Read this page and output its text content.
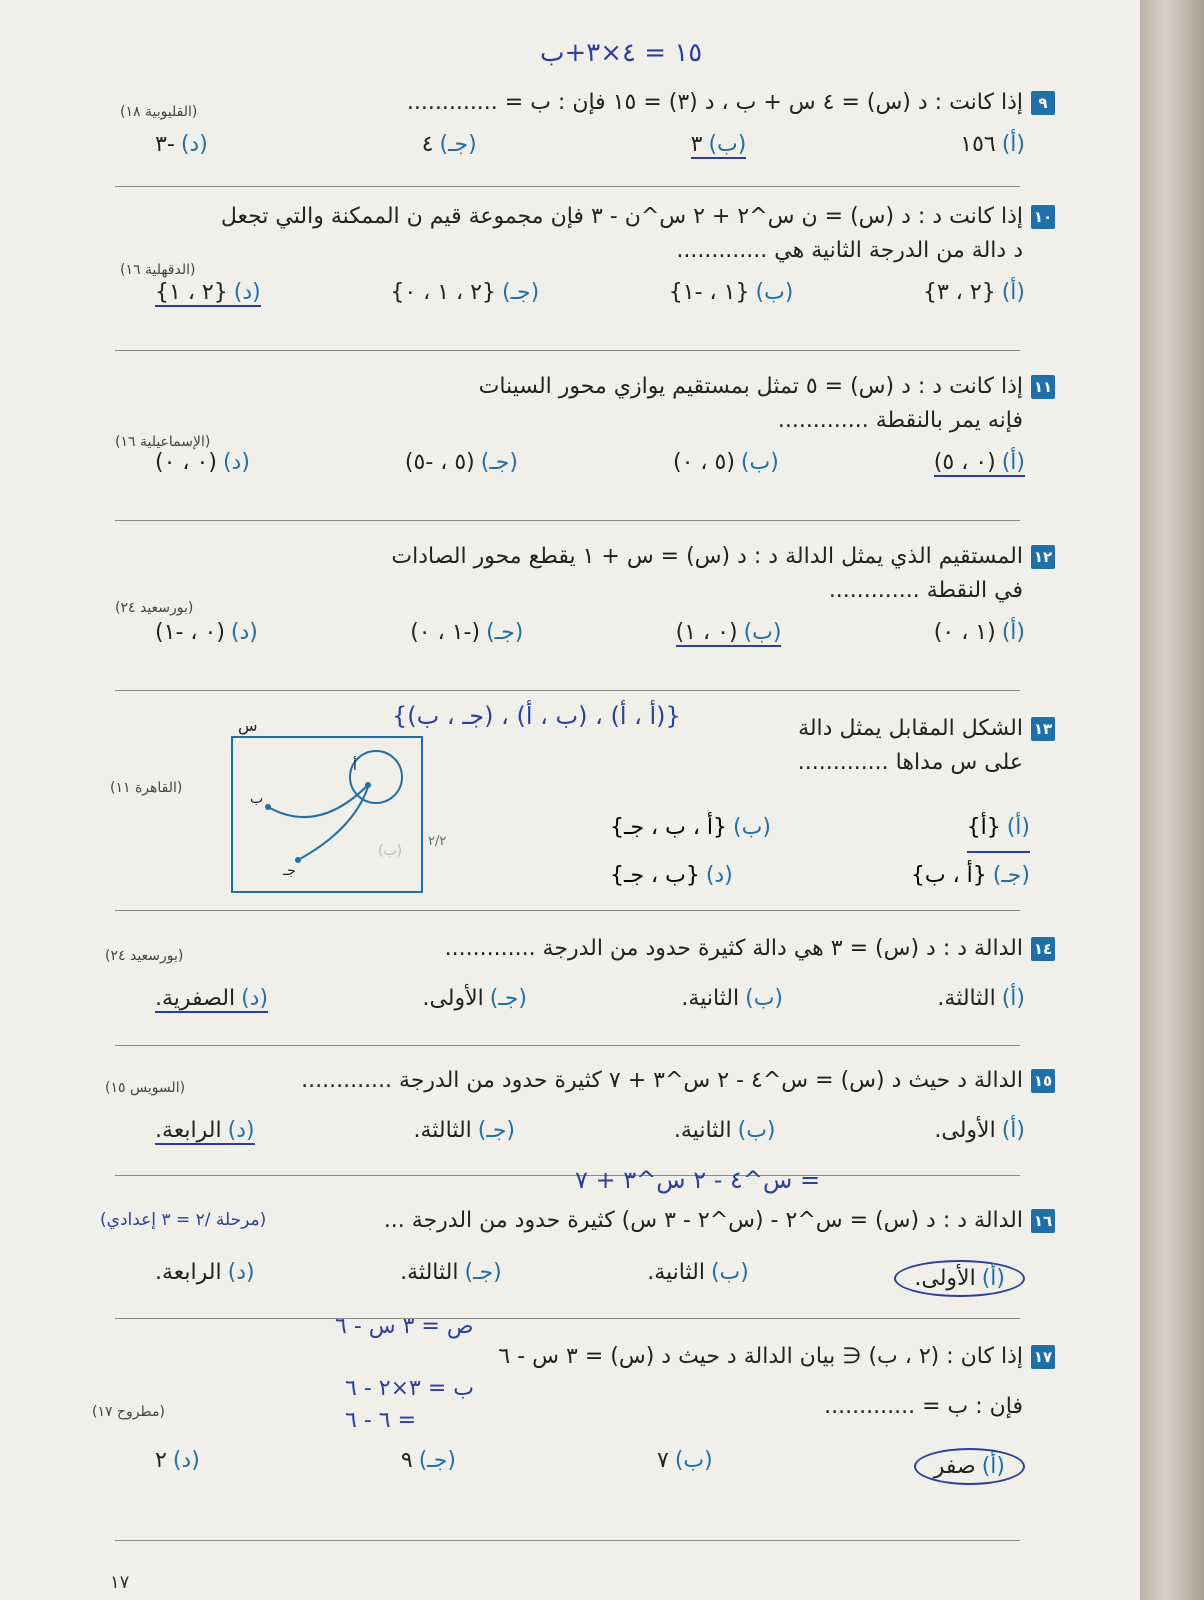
١٥ = ٤×٣+ب
٩
إذا كانت : د (س) = ٤ س + ب ، د (٣) = ١٥ فإن : ب = .............
(أ)١٥٦
(ب)٣
(جـ)٤
(د)-٣
(القليوبية ١٨)
١٠
إذا كانت د : د (س) = ن س^٢ + ٢ س^ن - ٣ فإن مجموعة قيم ن الممكنة والتي تجعل
د دالة من الدرجة الثانية هي .............
(أ){٢ ، ٣}
(ب){١ ، -١}
(جـ){٢ ، ١ ، ٠}
(د){٢ ، ١}
(الدقهلية ١٦)
١١
إذا كانت د : د (س) = ٥ تمثل بمستقيم يوازي محور السينات
فإنه يمر بالنقطة .............
(أ)(٠ ، ٥)
(ب)(٥ ، ٠)
(جـ)(٥ ، -٥)
(د)(٠ ، ٠)
(الإسماعيلية ١٦)
١٢
المستقيم الذي يمثل الدالة د : د (س) = س + ١ يقطع محور الصادات
في النقطة .............
(أ)(١ ، ٠)
(ب)(٠ ، ١)
(جـ)(-١ ، ٠)
(د)(٠ ، -١)
(بورسعيد ٢٤)
١٣
الشكل المقابل يمثل دالة
على س مداها .............
{(أ ، أ) ، (ب ، أ) ، (جـ ، ب)}
(القاهرة ١١)
(أ){أ}
(ب){أ ، ب ، جـ}
(جـ){أ ، ب}
(د){ب ، جـ}
س
أ
ب
جـ
(ب)
٢/٢
١٤
الدالة د : د (س) = ٣ هي دالة كثيرة حدود من الدرجة .............
(أ)الثالثة.
(ب)الثانية.
(جـ)الأولى.
(د)الصفرية.
(بورسعيد ٢٤)
١٥
الدالة د حيث د (س) = س^٤ - ٢ س^٣ + ٧ كثيرة حدود من الدرجة .............
(أ)الأولى.
(ب)الثانية.
(جـ)الثالثة.
(د)الرابعة.
(السويس ١٥)
= س^٤ - ٢ س^٣ + ٧
١٦
الدالة د : د (س) = س^٢ - (س^٢ - ٣ س) كثيرة حدود من الدرجة ...
(أ)الأولى.
(ب)الثانية.
(جـ)الثالثة.
(د)الرابعة.
(مرحلة /٢ = ٣ إعدادي)
١٧
إذا كان : (٢ ، ب) ∈ بيان الدالة د حيث د (س) = ٣ س - ٦
فإن : ب = .............
(أ)صفر
(ب)٧
(جـ)٩
(د)٢
(مطروح ١٧)
ص = ٣ س - ٦
ب = ٣×٢ - ٦
= ٦ - ٦
١٧
